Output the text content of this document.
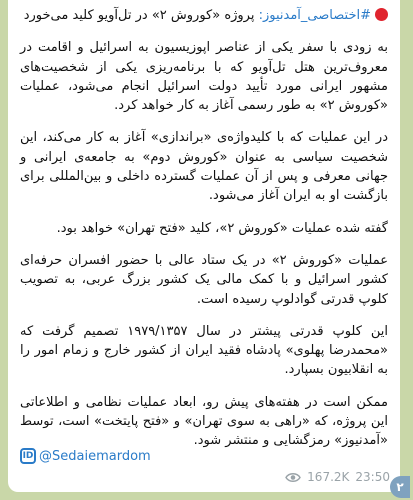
#اختصاصی_آمدنیوز: پروژه «کوروش ۲» در تل‌آویو کلید می‌خورد

به زودی با سفر یکی از عناصر اپوزیسیون به اسرائیل و اقامت در معروف‌ترین هتل تل‌آویو که با برنامه‌ریزی یکی از شخصیت‌های مشهور ایرانی مورد تأیید دولت اسرائیل انجام می‌شود، عملیات «کوروش ۲» به طور رسمی آغاز به کار خواهد کرد.

در این عملیات که با کلیدواژه‌ی «براندازی» آغاز به کار می‌کند، این شخصیت سیاسی به عنوان «کوروش دوم» به جامعه‌ی ایرانی و جهانی معرفی و پس از آن عملیات گسترده داخلی و بین‌المللی برای بازگشت او به ایران آغاز می‌شود.

گفته شده عملیات «کوروش ۲»، کلید «فتح تهران» خواهد بود.

عملیات «کوروش ۲» در یک ستاد عالی با حضور افسران حرفه‌ای کشور اسرائیل و با کمک مالی یک کشور بزرگ عربی، به تصویب کلوپ قدرتی گوادلوپ رسیده است.

این کلوپ قدرتی پیشتر در سال ۱۹۷۹/۱۳۵۷ تصمیم گرفت که «محمدرضا پهلوی» پادشاه فقید ایران از کشور خارج و زمام امور را به انقلابیون بسپارد.

ممکن است در هفته‌های پیش رو، ابعاد عملیات نظامی و اطلاعاتی این پروژه، که «راهی به سوی تهران» و «فتح پایتخت» است، توسط «آمدنیوز» رمزگشایی و منتشر شود.

ID @Sedaiemardom
167.2K 23:50
۲
